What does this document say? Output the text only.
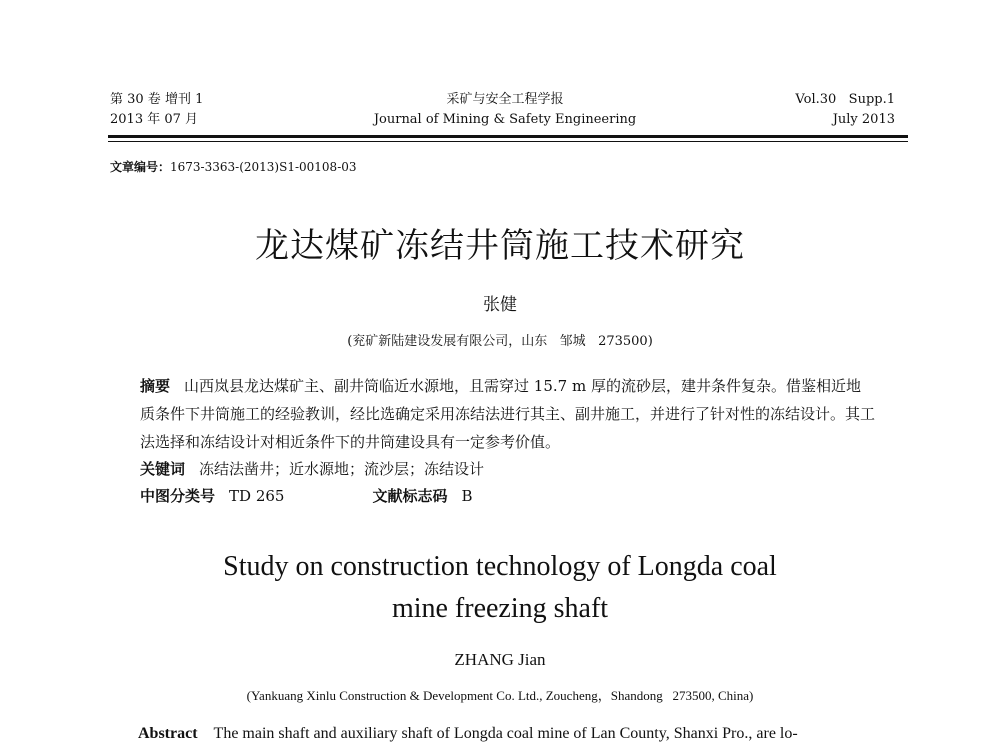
第 30 卷 增刊 1
2013 年 07 月
采矿与安全工程学报
Journal of Mining & Safety Engineering
Vol.30   Supp.1
July 2013
文章编号：1673-3363-(2013)S1-00108-03
龙达煤矿冻结井筒施工技术研究
张健
(兖矿新陆建设发展有限公司，山东   邹城   273500)
摘要 山西岚县龙达煤矿主、副井筒临近水源地，且需穿过 15.7 m 厚的流砂层，建井条件复杂。借鉴相近地质条件下井筒施工的经验教训，经比选确定采用冻结法进行其主、副井施工，并进行了针对性的冻结设计。其工法选择和冻结设计对相近条件下的井筒建设具有一定参考价值。
关键词 冻结法凿井；近水源地；流沙层；冻结设计
中图分类号 TD 265	文献标志码 B
Study on construction technology of Longda coal
mine freezing shaft
ZHANG Jian
(Yankuang Xinlu Construction & Development Co. Ltd., Zoucheng，Shandong   273500, China)
Abstract The main shaft and auxiliary shaft of Longda coal mine of Lan County, Shanxi Pro., are lo-
